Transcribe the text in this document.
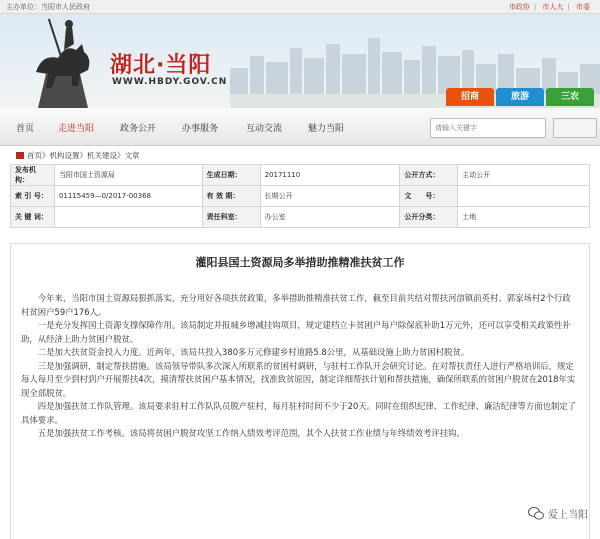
主办单位：当阳市人民政府	市政协 | 市人大 | 市委
湖北·当阳
WWW.HBDY.GOV.CN
招商	旅游	三农
首页	走进当阳	政务公开	办事服务	互动交流	魅力当阳
请输入关键字
首页》机构设置》机关建设》文章
发布机构：	当阳市国土资源局	生成日期：	20171110	公开方式：	主动公开
索 引 号：	01115459—0/2017-00368	有 效 期：	长期公开	文　　号：	
关 键 词：		责任科室：	办公室	公开分类：	土地
灌阳县国土资源局多举措助推精准扶贫工作

今年来，当阳市国土资源局狠抓落实，充分用好各项扶贫政策，多举措助推精准扶贫工作，截至目前共结对帮扶河溶镇前英村、郭家场村2个行政村贫困户59户176人。

一是充分发挥国土资源支撑保障作用。该局制定并报城乡增减挂钩项目，规定建档立卡贫困户每户除保底补助1万元外，还可以享受相关政策性补助，从经济上助力贫困户脱贫。

二是加大扶贫资金投入力度。近两年，该局共投入380多万元修建乡村道路5.8公里，从基础设施上助力贫困村脱贫。

三是加强调研，制定帮扶措施。该局领导带队多次深入所联系的贫困村调研，与驻村工作队开会研究讨论。在对帮扶责任人进行严格培训后，规定每人每月至少到村到户开展帮扶4次，摸清帮扶贫困户基本情况，找准致贫原因，制定详细帮扶计划和帮扶措施，确保所联系的贫困户脱贫在2018年实现全部脱贫。

四是加强扶贫工作队管理。该局要求驻村工作队队员脱产驻村，每月驻村时间不少于20天。同时在组织纪律、工作纪律、廉洁纪律等方面也制定了具体要求。

五是加强扶贫工作考核。该局将贫困户脱贫攻坚工作纳入绩效考评范围，其个人扶贫工作业绩与年终绩效考评挂钩。

爱上当阳
